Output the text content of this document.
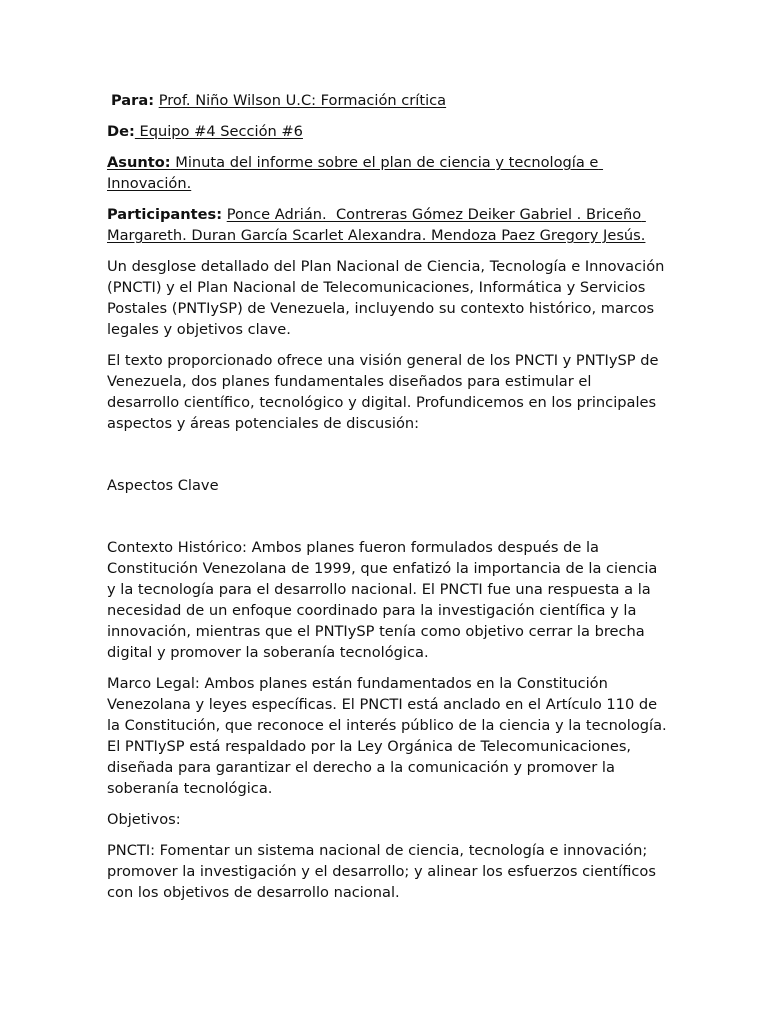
Para: Prof. Niño Wilson U.C: Formación crítica

De: Equipo #4 Sección #6

Asunto: Minuta del informe sobre el plan de ciencia y tecnología e Innovación.

Participantes: Ponce Adrián.  Contreras Gómez Deiker Gabriel . Briceño Margareth. Duran García Scarlet Alexandra. Mendoza Paez Gregory Jesús.

Un desglose detallado del Plan Nacional de Ciencia, Tecnología e Innovación (PNCTI) y el Plan Nacional de Telecomunicaciones, Informática y Servicios Postales (PNTIySP) de Venezuela, incluyendo su contexto histórico, marcos legales y objetivos clave.

El texto proporcionado ofrece una visión general de los PNCTI y PNTIySP de Venezuela, dos planes fundamentales diseñados para estimular el desarrollo científico, tecnológico y digital. Profundicemos en los principales aspectos y áreas potenciales de discusión:

Aspectos Clave

Contexto Histórico: Ambos planes fueron formulados después de la Constitución Venezolana de 1999, que enfatizó la importancia de la ciencia y la tecnología para el desarrollo nacional. El PNCTI fue una respuesta a la necesidad de un enfoque coordinado para la investigación científica y la innovación, mientras que el PNTIySP tenía como objetivo cerrar la brecha digital y promover la soberanía tecnológica.

Marco Legal: Ambos planes están fundamentados en la Constitución Venezolana y leyes específicas. El PNCTI está anclado en el Artículo 110 de la Constitución, que reconoce el interés público de la ciencia y la tecnología. El PNTIySP está respaldado por la Ley Orgánica de Telecomunicaciones, diseñada para garantizar el derecho a la comunicación y promover la soberanía tecnológica.

Objetivos:

PNCTI: Fomentar un sistema nacional de ciencia, tecnología e innovación; promover la investigación y el desarrollo; y alinear los esfuerzos científicos con los objetivos de desarrollo nacional.
